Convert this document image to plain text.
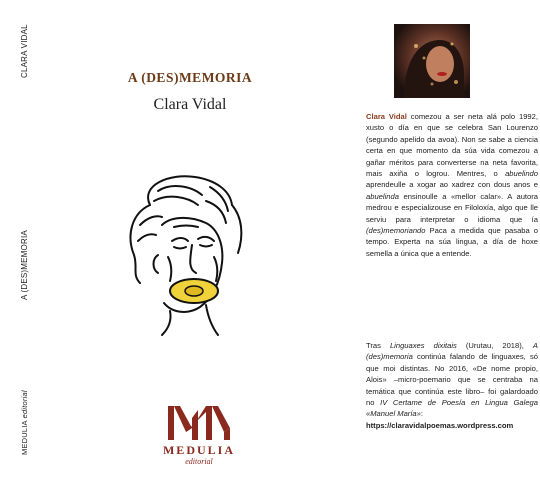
CLARA VIDAL
A (DES)MEMORIA
MEDULIA editorial
A (DES)MEMORIA
Clara Vidal
MEDULIA
editorial

Clara Vidal comezou a ser neta alá polo 1992, xusto o día en que se celebra San Lourenzo (segundo apelido da avoa). Non se sabe a ciencia certa en que momento da súa vida comezou a gañar méritos para converterse na neta favorita, mais axiña o logrou. Mentres, o abuelindo aprendeulle a xogar ao xadrez con dous anos e abuelinda ensinoulle a «mellor calar». A autora medrou e especializouse en Filoloxía, algo que lle serviu para interpretar o idioma que ía (des)memoriando Paca a medida que pasaba o tempo. Experta na súa lingua, a día de hoxe semella a única que a entende.

Tras Linguaxes dixitais (Urutau, 2018), A (des)memoria continúa falando de linguaxes, só que moi distintas. No 2016, «De nome propio, Alois» –micro-poemario que se centraba na temática que continúa este libro– foi galardoado no IV Certame de Poesía en Lingua Galega «Manuel María»:
https://claravidalpoemas.wordpress.com
